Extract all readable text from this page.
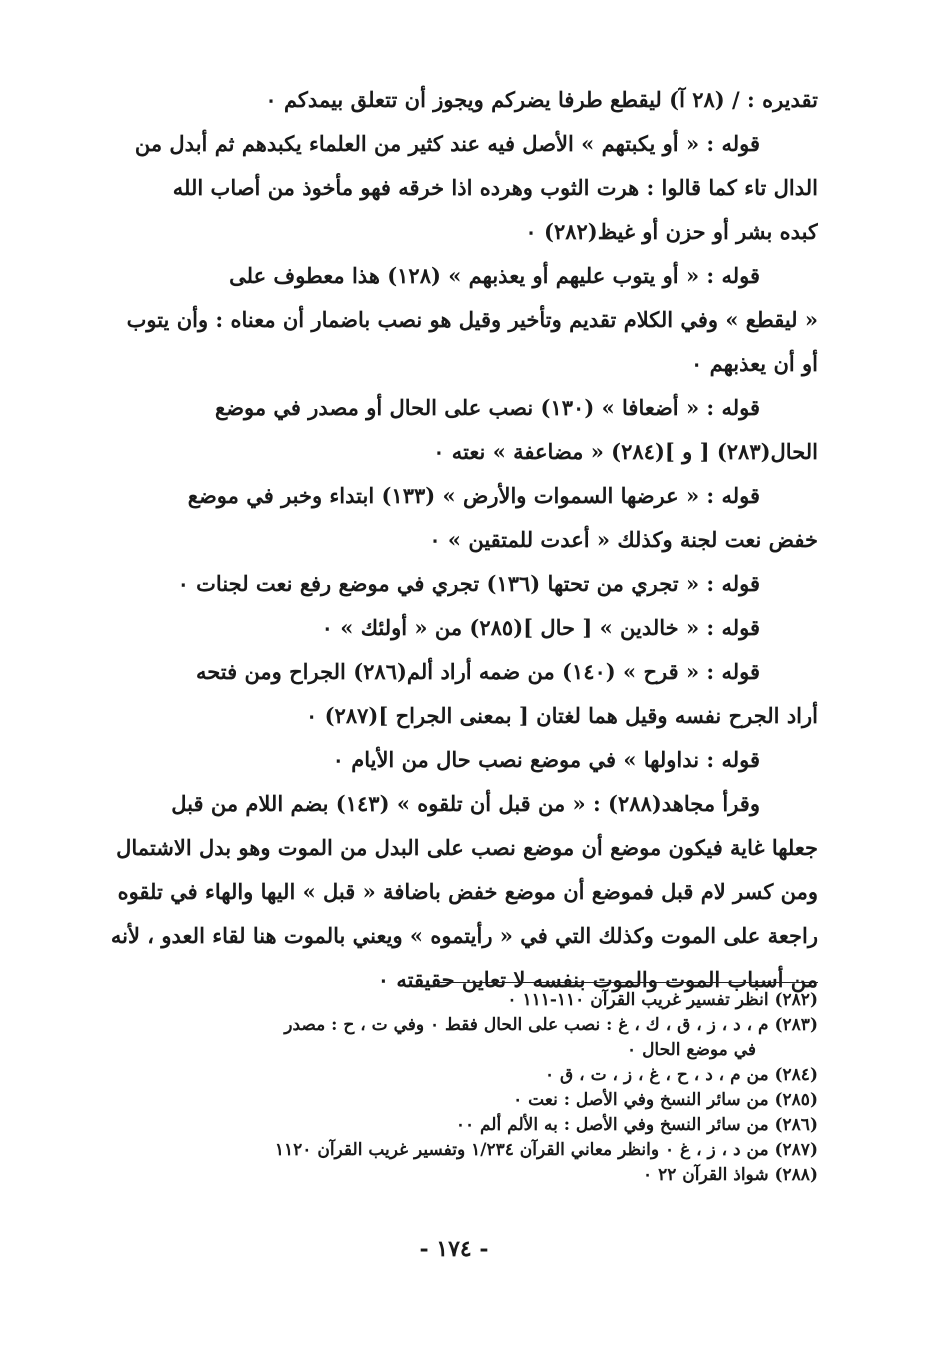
تقديره : / (٢٨ آ) ليقطع طرفا يضركم ويجوز أن تتعلق بيمدكم ٠
قوله : « أو يكبتهم » الأصل فيه عند كثير من العلماء يكبدهم ثم أبدل من
الدال تاء كما قالوا : هرت الثوب وهرده اذا خرقه فهو مأخوذ من أصاب الله
كبده بشر أو حزن أو غيظ(٢٨٢) ٠
قوله : « أو يتوب عليهم أو يعذبهم » (١٢٨) هذا معطوف على
« ليقطع » وفي الكلام تقديم وتأخير وقيل هو نصب باضمار أن معناه : وأن يتوب
أو أن يعذبهم ٠
قوله : « أضعافا » (١٣٠) نصب على الحال أو مصدر في موضع
الحال(٢٨٣) [ و ](٢٨٤) « مضاعفة » نعته ٠
قوله : « عرضها السموات والأرض » (١٣٣) ابتداء وخبر في موضع
خفض نعت لجنة وكذلك « أعدت للمتقين » ٠
قوله : « تجري من تحتها (١٣٦) تجري في موضع رفع نعت لجنات ٠
قوله : « خالدين » [ حال ](٢٨٥) من « أولئك » ٠
قوله : « قرح » (١٤٠) من ضمه أراد ألم(٢٨٦) الجراح ومن فتحه
أراد الجرح نفسه وقيل هما لغتان [ بمعنى الجراح ](٢٨٧) ٠
قوله : نداولها » في موضع نصب حال من الأيام ٠
وقرأ مجاهد(٢٨٨) : « من قبل أن تلقوه » (١٤٣) بضم اللام من قبل
جعلها غاية فيكون موضع أن موضع نصب على البدل من الموت وهو بدل الاشتمال
ومن كسر لام قبل فموضع أن موضع خفض باضافة « قبل » اليها والهاء في تلقوه
راجعة على الموت وكذلك التي في « رأيتموه » ويعني بالموت هنا لقاء العدو ، لأنه
من أسباب الموت والموت بنفسه لا تعاين حقيقته ٠
(٢٨٢) انظر تفسير غريب القرآن ١١٠-١١١ ٠
(٢٨٣) م ، د ، ز ، ق ، ك ، غ : نصب على الحال فقط ٠ وفي ت ، ح : مصدر
في موضع الحال ٠
(٢٨٤) من م ، د ، ح ، غ ، ز ، ت ، ق ٠
(٢٨٥) من سائر النسخ وفي الأصل : نعت ٠
(٢٨٦) من سائر النسخ وفي الأصل : به الألم ألم ٠٠
(٢٨٧) من د ، ز ، غ ٠ وانظر معاني القرآن ١/٢٣٤ وتفسير غريب القرآن ١١٢٠
(٢٨٨) شواذ القرآن ٢٢ ٠
- ١٧٤ -
